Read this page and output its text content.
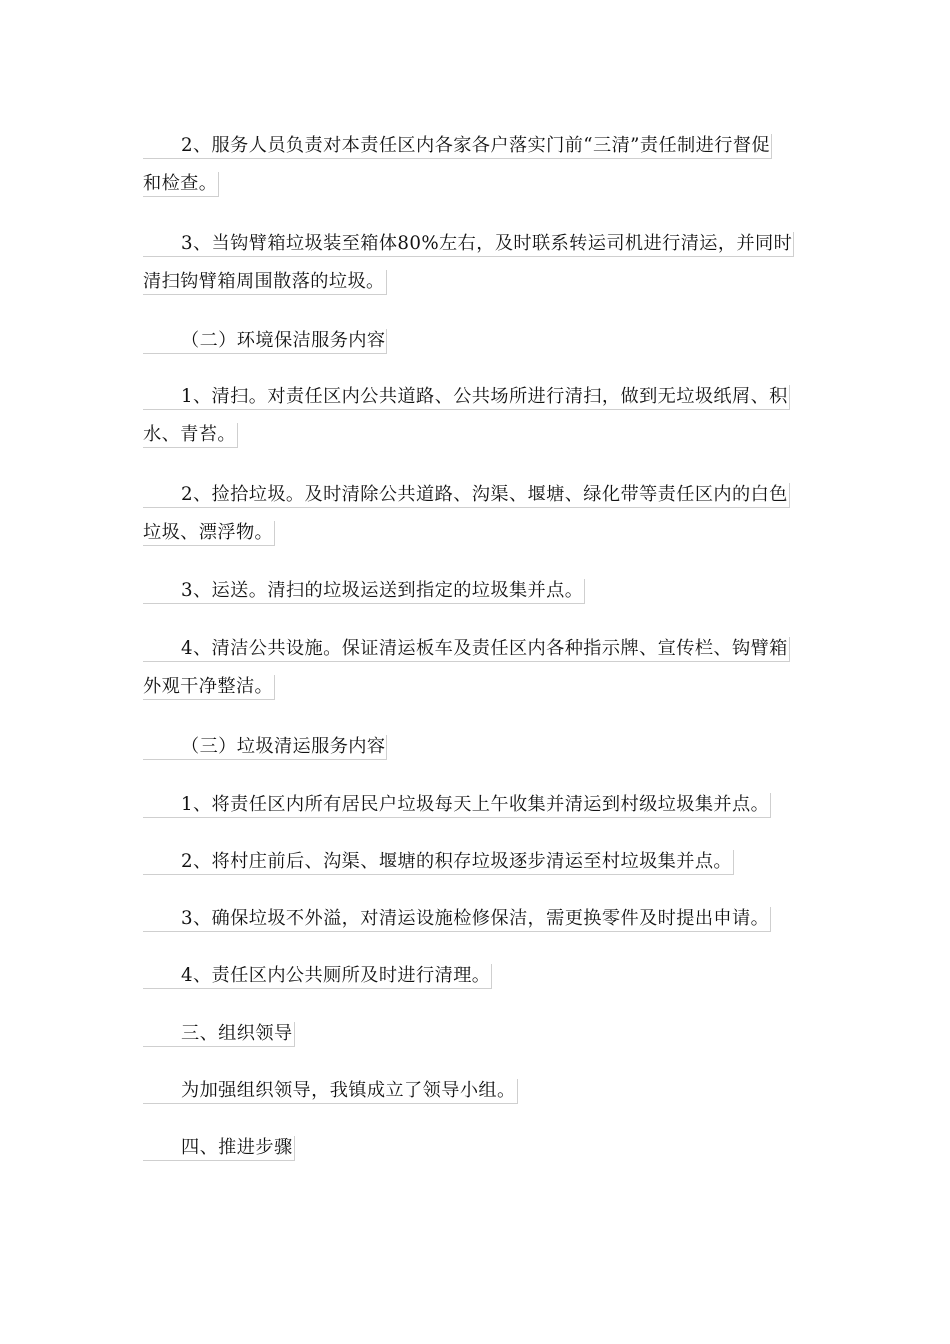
2、服务人员负责对本责任区内各家各户落实门前“三清”责任制进行督促
和检查。
3、当钩臂箱垃圾装至箱体80%左右，及时联系转运司机进行清运，并同时
清扫钩臂箱周围散落的垃圾。
（二）环境保洁服务内容
1、清扫。对责任区内公共道路、公共场所进行清扫，做到无垃圾纸屑、积
水、青苔。
2、捡拾垃圾。及时清除公共道路、沟渠、堰塘、绿化带等责任区内的白色
垃圾、漂浮物。
3、运送。清扫的垃圾运送到指定的垃圾集并点。
4、清洁公共设施。保证清运板车及责任区内各种指示牌、宣传栏、钩臂箱
外观干净整洁。
（三）垃圾清运服务内容
1、将责任区内所有居民户垃圾每天上午收集并清运到村级垃圾集并点。
2、将村庄前后、沟渠、堰塘的积存垃圾逐步清运至村垃圾集并点。
3、确保垃圾不外溢，对清运设施检修保洁，需更换零件及时提出申请。
4、责任区内公共厕所及时进行清理。
三、组织领导
为加强组织领导，我镇成立了领导小组。
四、推进步骤
